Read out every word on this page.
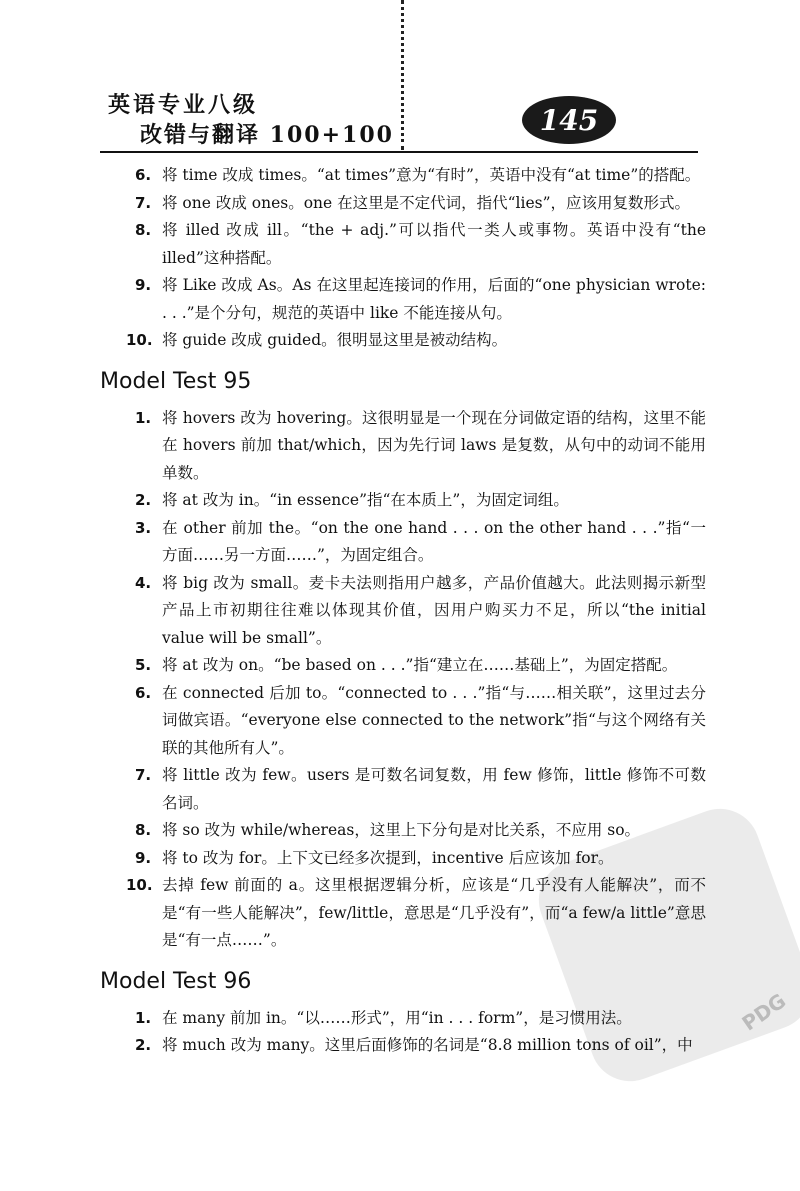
英语专业八级
改错与翻译 100+100	145
PDG
6. 将 time 改成 times。“at times”意为“有时”，英语中没有“at time”的搭配。
7. 将 one 改成 ones。one 在这里是不定代词，指代“lies”，应该用复数形式。
8. 将 illed 改成 ill。“the + adj.”可以指代一类人或事物。英语中没有“the illed”这种搭配。
9. 将 Like 改成 As。As 在这里起连接词的作用，后面的“one physician wrote: . . .”是个分句，规范的英语中 like 不能连接从句。
10. 将 guide 改成 guided。很明显这里是被动结构。
Model Test 95
1. 将 hovers 改为 hovering。这很明显是一个现在分词做定语的结构，这里不能在 hovers 前加 that/which，因为先行词 laws 是复数，从句中的动词不能用单数。
2. 将 at 改为 in。“in essence”指“在本质上”，为固定词组。
3. 在 other 前加 the。“on the one hand . . . on the other hand . . .”指“一方面……另一方面……”，为固定组合。
4. 将 big 改为 small。麦卡夫法则指用户越多，产品价值越大。此法则揭示新型产品上市初期往往难以体现其价值，因用户购买力不足，所以“the initial value will be small”。
5. 将 at 改为 on。“be based on . . .”指“建立在……基础上”，为固定搭配。
6. 在 connected 后加 to。“connected to . . .”指“与……相关联”，这里过去分词做宾语。“everyone else connected to the network”指“与这个网络有关联的其他所有人”。
7. 将 little 改为 few。users 是可数名词复数，用 few 修饰，little 修饰不可数名词。
8. 将 so 改为 while/whereas，这里上下分句是对比关系，不应用 so。
9. 将 to 改为 for。上下文已经多次提到，incentive 后应该加 for。
10. 去掉 few 前面的 a。这里根据逻辑分析，应该是“几乎没有人能解决”，而不是“有一些人能解决”，few/little，意思是“几乎没有”，而“a few/a little”意思是“有一点……”。
Model Test 96
1. 在 many 前加 in。“以……形式”，用“in . . . form”，是习惯用法。
2. 将 much 改为 many。这里后面修饰的名词是“8.8 million tons of oil”，中
